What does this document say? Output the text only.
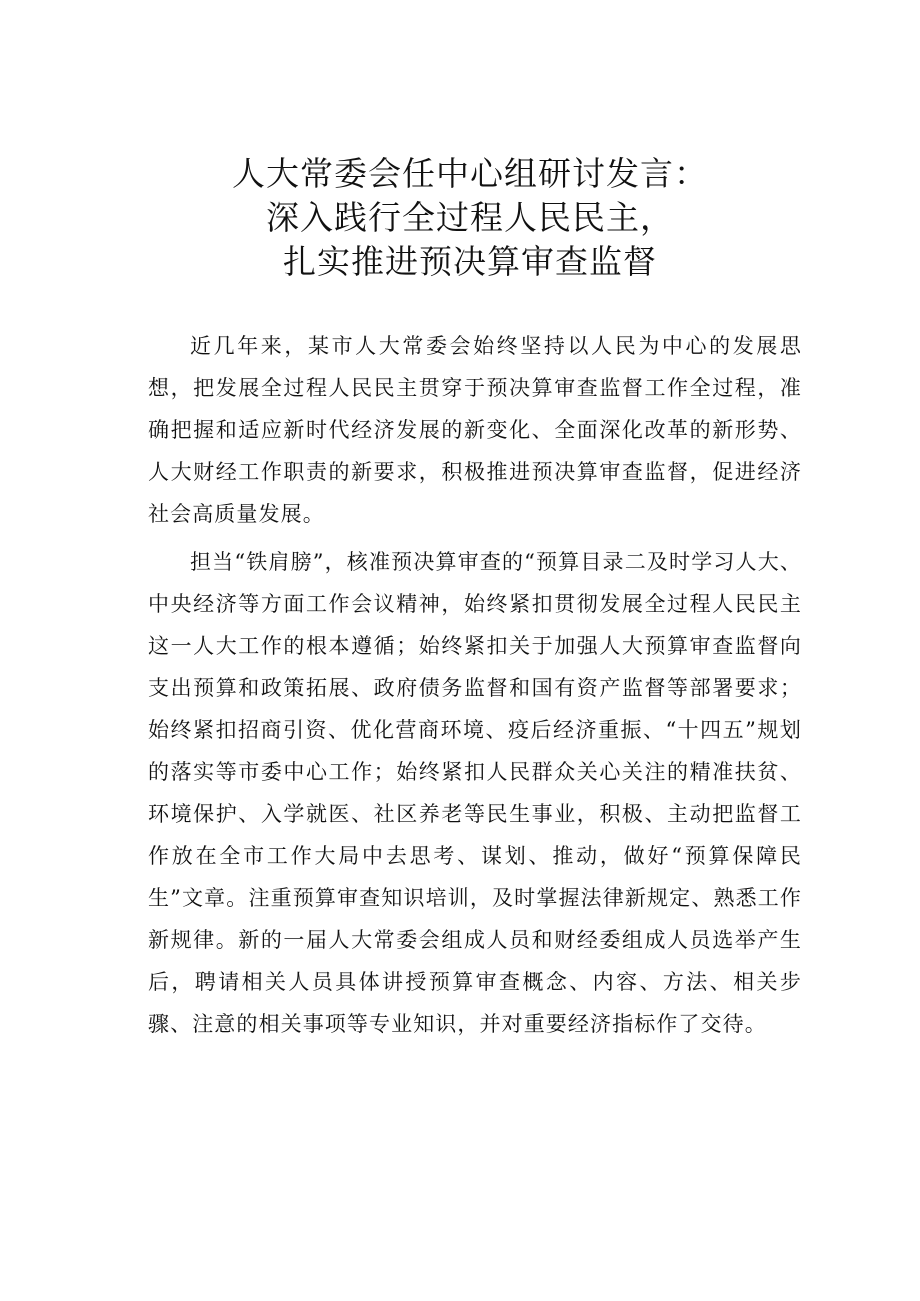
人大常委会任中心组研讨发言：
深入践行全过程人民民主，
扎实推进预决算审查监督

近几年来，某市人大常委会始终坚持以人民为中心的发展思想，把发展全过程人民民主贯穿于预决算审查监督工作全过程，准确把握和适应新时代经济发展的新变化、全面深化改革的新形势、人大财经工作职责的新要求，积极推进预决算审查监督，促进经济社会高质量发展。

担当“铁肩膀”，核准预决算审查的“预算目录二及时学习人大、中央经济等方面工作会议精神，始终紧扣贯彻发展全过程人民民主这一人大工作的根本遵循；始终紧扣关于加强人大预算审查监督向支出预算和政策拓展、政府债务监督和国有资产监督等部署要求；始终紧扣招商引资、优化营商环境、疫后经济重振、“十四五”规划的落实等市委中心工作；始终紧扣人民群众关心关注的精准扶贫、环境保护、入学就医、社区养老等民生事业，积极、主动把监督工作放在全市工作大局中去思考、谋划、推动，做好“预算保障民生”文章。注重预算审查知识培训，及时掌握法律新规定、熟悉工作新规律。新的一届人大常委会组成人员和财经委组成人员选举产生后，聘请相关人员具体讲授预算审查概念、内容、方法、相关步骤、注意的相关事项等专业知识，并对重要经济指标作了交待。
